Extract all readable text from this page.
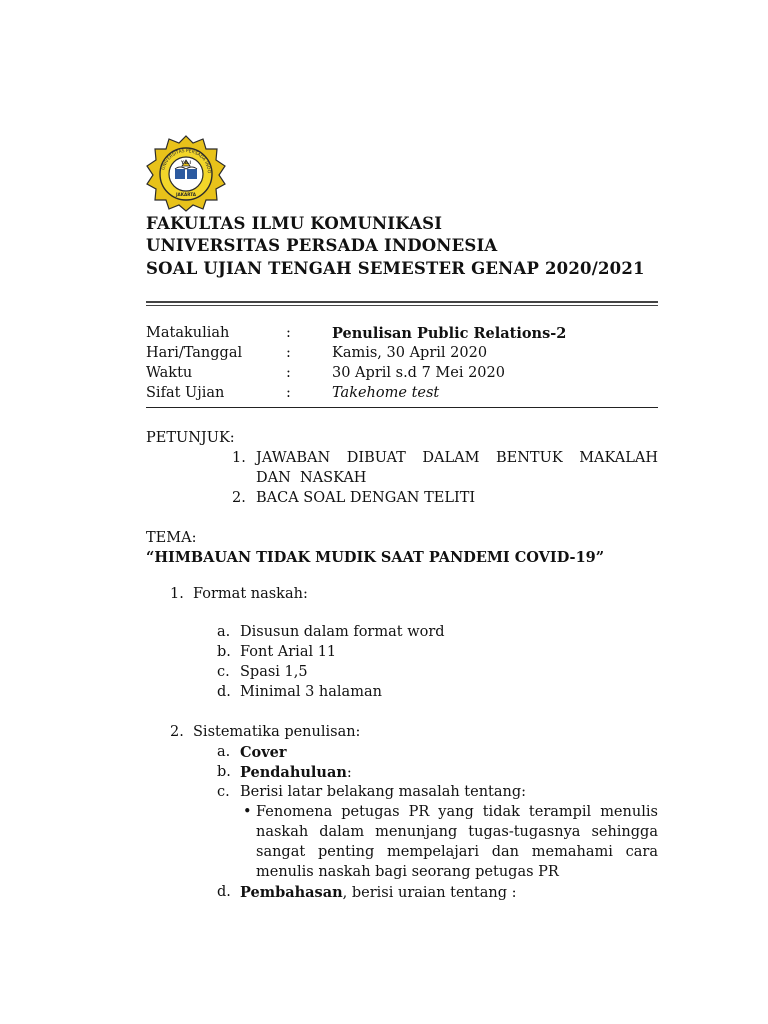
UNIVERSITAS PERSADA INDO
Y.A.I
JAKARTA
FAKULTAS ILMU KOMUNIKASI
UNIVERSITAS PERSADA INDONESIA
SOAL UJIAN TENGAH SEMESTER GENAP 2020/2021
Matakuliah	:	Penulisan Public Relations-2
Hari/Tanggal	:	Kamis, 30 April 2020
Waktu	:	30 April s.d 7 Mei 2020
Sifat Ujian	:	Takehome test
PETUNJUK:
1. JAWABAN DIBUAT DALAM BENTUK MAKALAH
DAN  NASKAH
2. BACA SOAL DENGAN TELITI
TEMA:
“HIMBAUAN TIDAK MUDIK SAAT PANDEMI COVID-19”
1. Format naskah:
a. Disusun dalam format word
b. Font Arial 11
c. Spasi 1,5
d. Minimal 3 halaman
2. Sistematika penulisan:
a. Cover
b. Pendahuluan:
c. Berisi latar belakang masalah tentang:
• Fenomena petugas PR yang tidak terampil menulis
naskah dalam menunjang tugas-tugasnya sehingga
sangat penting mempelajari dan memahami cara
menulis naskah bagi seorang petugas PR
d. Pembahasan, berisi uraian tentang :
